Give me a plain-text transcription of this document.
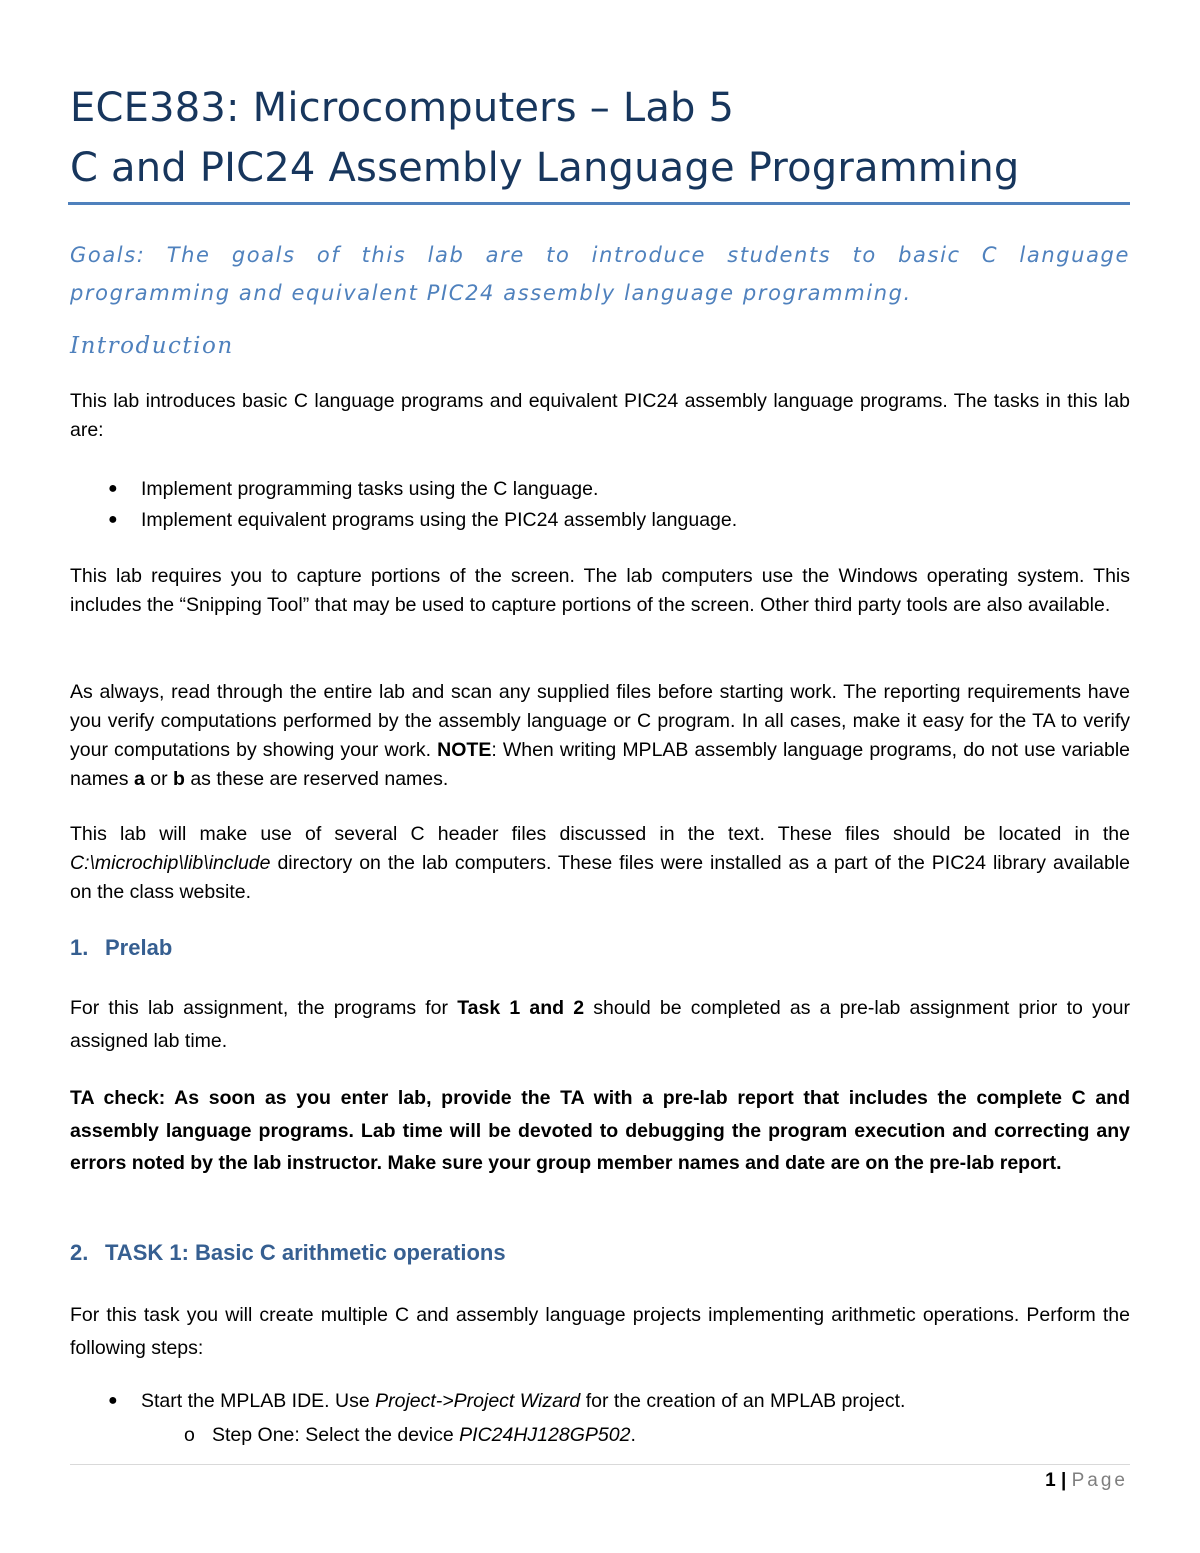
ECE383: Microcomputers – Lab 5
C and PIC24 Assembly Language Programming
Goals: The goals of this lab are to introduce students to basic C language programming and equivalent PIC24 assembly language programming.
Introduction
This lab introduces basic C language programs and equivalent PIC24 assembly language programs. The tasks in this lab are:
● Implement programming tasks using the C language.
● Implement equivalent programs using the PIC24 assembly language.
This lab requires you to capture portions of the screen. The lab computers use the Windows operating system. This includes the “Snipping Tool” that may be used to capture portions of the screen. Other third party tools are also available.
As always, read through the entire lab and scan any supplied files before starting work. The reporting requirements have you verify computations performed by the assembly language or C program. In all cases, make it easy for the TA to verify your computations by showing your work. NOTE: When writing MPLAB assembly language programs, do not use variable names a or b as these are reserved names.
This lab will make use of several C header files discussed in the text. These files should be located in the C:\microchip\lib\include directory on the lab computers. These files were installed as a part of the PIC24 library available on the class website.
1. Prelab
For this lab assignment, the programs for Task 1 and 2 should be completed as a pre-lab assignment prior to your assigned lab time.
TA check: As soon as you enter lab, provide the TA with a pre-lab report that includes the complete C and assembly language programs. Lab time will be devoted to debugging the program execution and correcting any errors noted by the lab instructor. Make sure your group member names and date are on the pre-lab report.
2. TASK 1: Basic C arithmetic operations
For this task you will create multiple C and assembly language projects implementing arithmetic operations. Perform the following steps:
● Start the MPLAB IDE. Use Project->Project Wizard for the creation of an MPLAB project.
o Step One: Select the device PIC24HJ128GP502.
1 | Page
